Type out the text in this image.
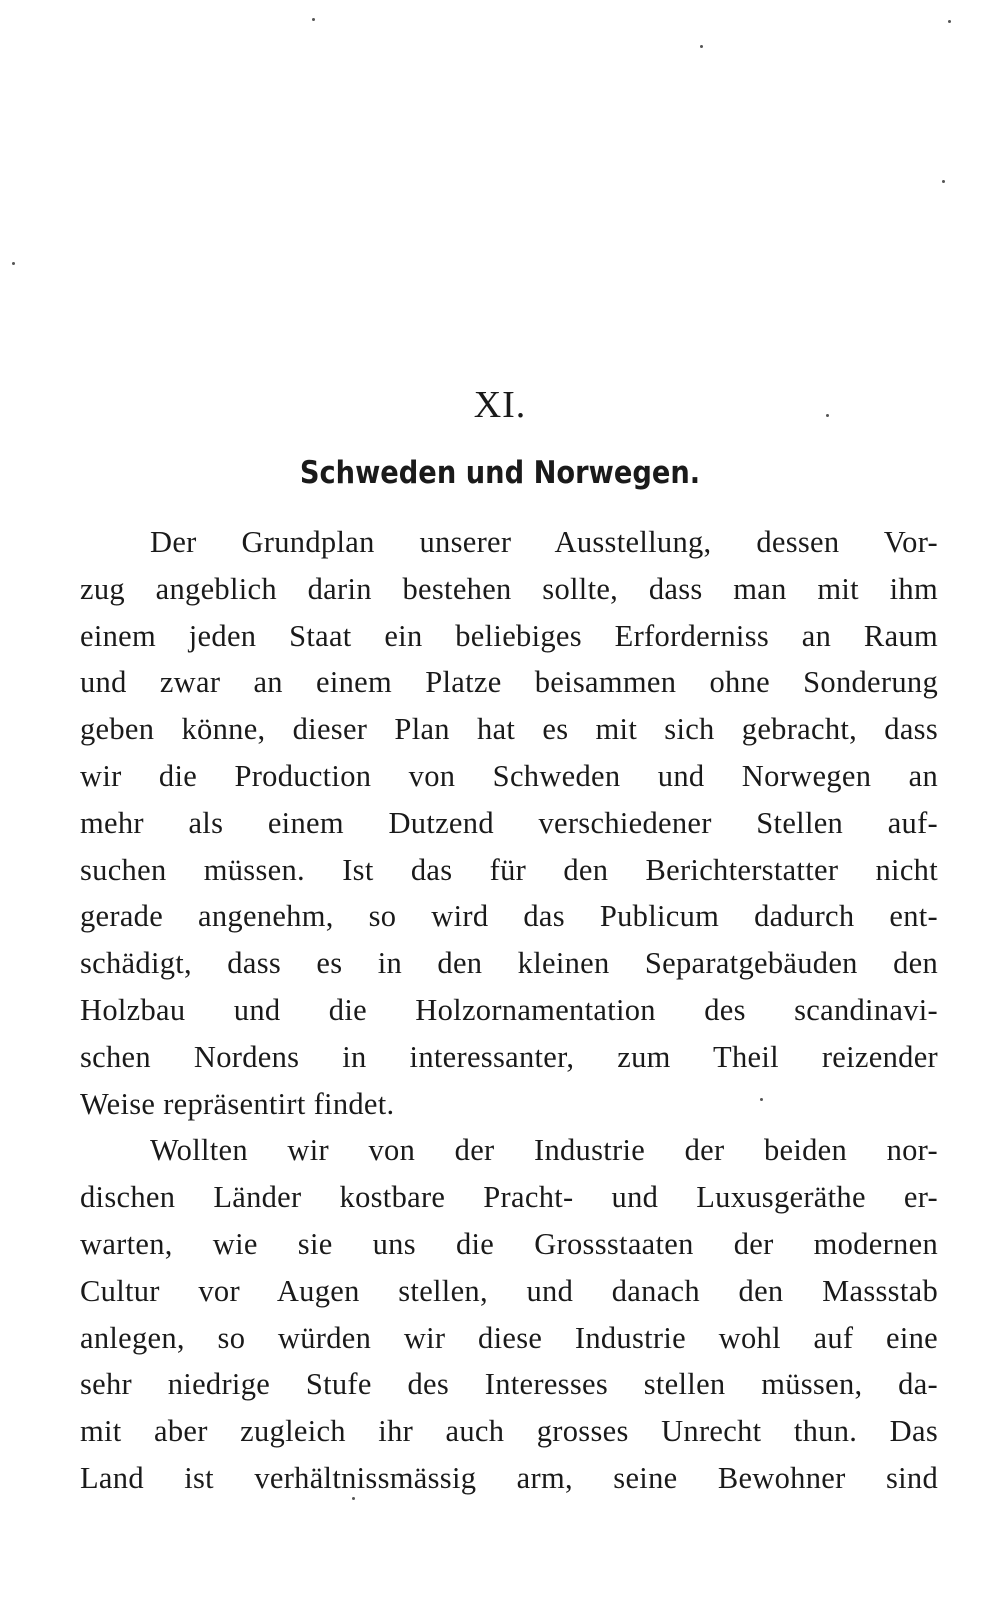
XI.
Schweden und Norwegen.
Der Grundplan unserer Ausstellung, dessen Vor-
zug angeblich darin bestehen sollte, dass man mit ihm
einem jeden Staat ein beliebiges Erforderniss an Raum
und zwar an einem Platze beisammen ohne Sonderung
geben könne, dieser Plan hat es mit sich gebracht, dass
wir die Production von Schweden und Norwegen an
mehr als einem Dutzend verschiedener Stellen auf-
suchen müssen. Ist das für den Berichterstatter nicht
gerade angenehm, so wird das Publicum dadurch ent-
schädigt, dass es in den kleinen Separatgebäuden den
Holzbau und die Holzornamentation des scandinavi-
schen Nordens in interessanter, zum Theil reizender
Weise repräsentirt findet.
Wollten wir von der Industrie der beiden nor-
dischen Länder kostbare Pracht- und Luxusgeräthe er-
warten, wie sie uns die Grossstaaten der modernen
Cultur vor Augen stellen, und danach den Massstab
anlegen, so würden wir diese Industrie wohl auf eine
sehr niedrige Stufe des Interesses stellen müssen, da-
mit aber zugleich ihr auch grosses Unrecht thun. Das
Land ist verhältnissmässig arm, seine Bewohner sind
